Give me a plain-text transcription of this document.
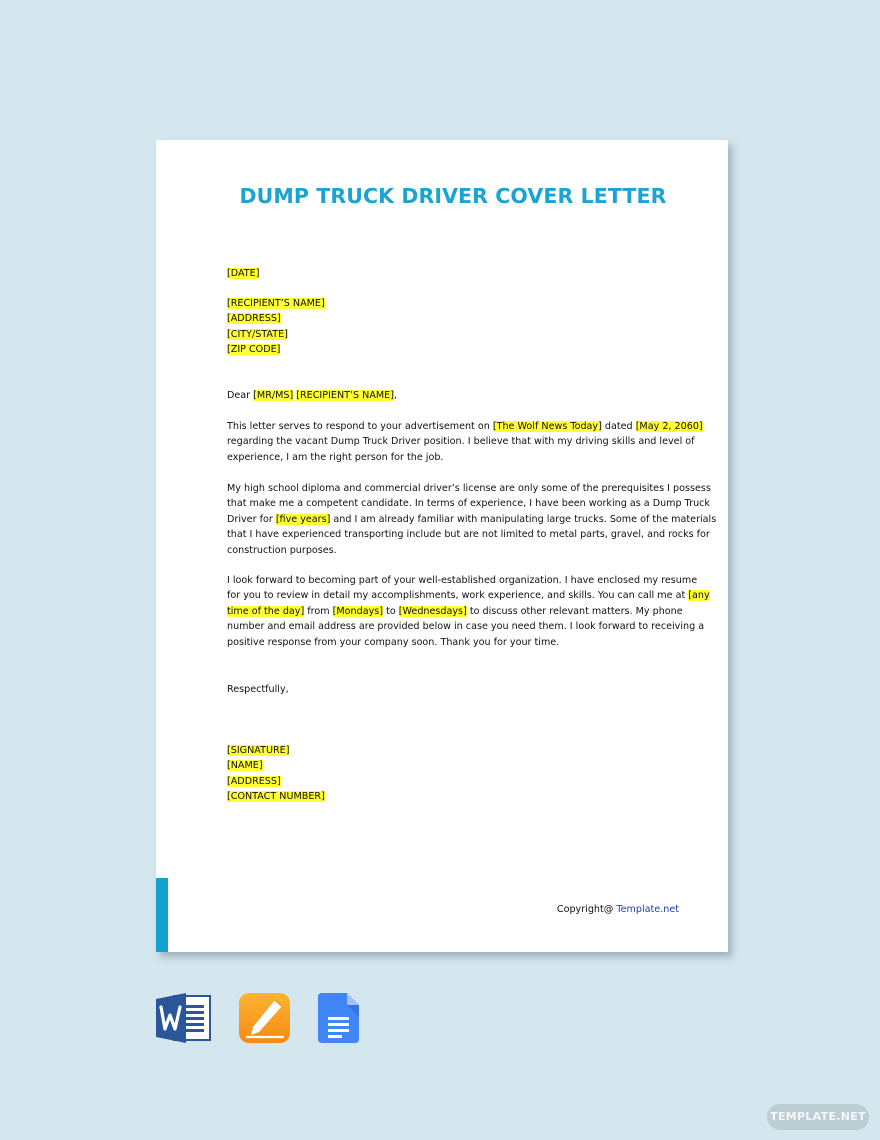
DUMP TRUCK DRIVER COVER LETTER

[DATE]

[RECIPIENT’S NAME]
[ADDRESS]
[CITY/STATE]
[ZIP CODE]

Dear [MR/MS] [RECIPIENT’S NAME],

This letter serves to respond to your advertisement on [The Wolf News Today] dated [May 2, 2060]
regarding the vacant Dump Truck Driver position. I believe that with my driving skills and level of
experience, I am the right person for the job.
My high school diploma and commercial driver’s license are only some of the prerequisites I possess
that make me a competent candidate. In terms of experience, I have been working as a Dump Truck
Driver for [five years] and I am already familiar with manipulating large trucks. Some of the materials
that I have experienced transporting include but are not limited to metal parts, gravel, and rocks for
construction purposes.
I look forward to becoming part of your well-established organization. I have enclosed my resume
for you to review in detail my accomplishments, work experience, and skills. You can call me at [any
time of the day] from [Mondays] to [Wednesdays] to discuss other relevant matters. My phone
number and email address are provided below in case you need them. I look forward to receiving a
positive response from your company soon. Thank you for your time.

Respectfully,

[SIGNATURE]
[NAME]
[ADDRESS]
[CONTACT NUMBER]
Copyright@ Template.net
TEMPLATE.NET
